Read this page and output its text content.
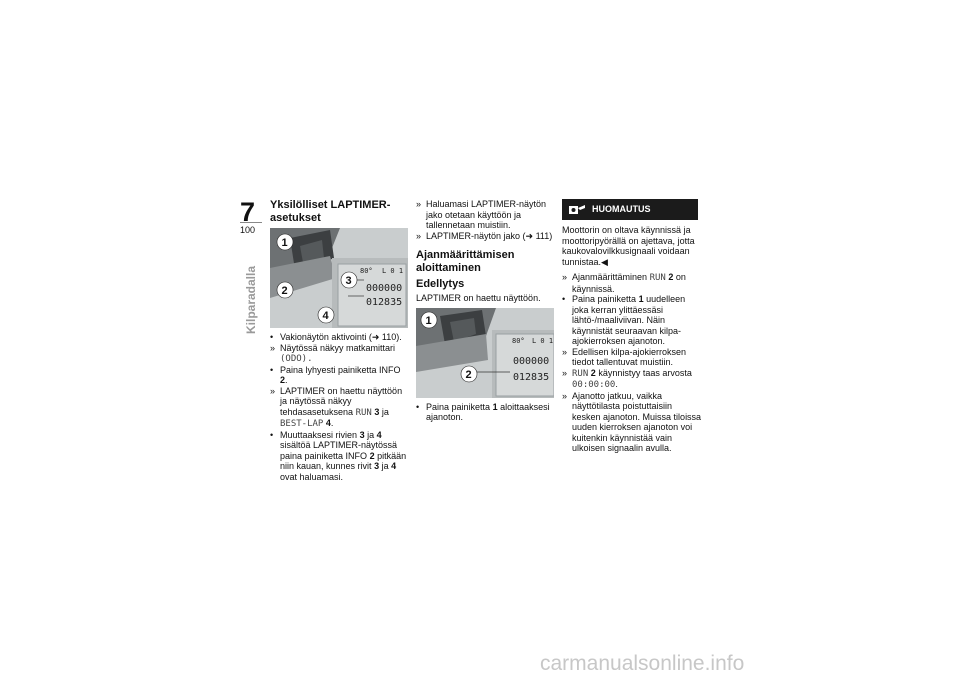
7
100
Kilparadalla
Yksilölliset LAPTIMER-asetukset
80° L 0 1
000000
012835
1
2
3
4
• Vakionäytön aktivointi (➜ 110).
» Näytössä näkyy matkamittari (ODO).
• Paina lyhyesti painiketta INFO 2.
» LAPTIMER on haettu näyttöön ja näytössä näkyy tehdasasetuksena RUN 3 ja BEST-LAP 4.
• Muuttaaksesi rivien 3 ja 4 sisältöä LAPTIMER-näytössä paina painiketta INFO 2 pitkään niin kauan, kunnes rivit 3 ja 4 ovat haluamasi.
» Haluamasi LAPTIMER-näytön jako otetaan käyttöön ja tallennetaan muistiin.
» LAPTIMER-näytön jako (➜ 111)
Ajanmäärittämisen aloittaminen
Edellytys

LAPTIMER on haettu näyttöön.

80° L 0 1
000000
012835
1
2
• Paina painiketta 1 aloittaaksesi ajanoton.
HUOMAUTUS

Moottorin on oltava käynnissä ja moottoripyörällä on ajettava, jotta kaukovalovilkkusignaali voidaan tunnistaa.◀

» Ajanmäärittäminen RUN 2 on käynnissä.
• Paina painiketta 1 uudelleen joka kerran ylittäessäsi lähtö-/maaliviivan. Näin käynnistät seuraavan kilpa-ajokierroksen ajanoton.
» Edellisen kilpa-ajokierroksen tiedot tallentuvat muistiin.
» RUN 2 käynnistyy taas arvosta 00:00:00.
» Ajanotto jatkuu, vaikka näyttötilasta poistuttaisiin kesken ajanoton. Muissa tiloissa uuden kierroksen ajanoton voi kuitenkin käynnistää vain ulkoisen signaalin avulla.
carmanualsonline.info
